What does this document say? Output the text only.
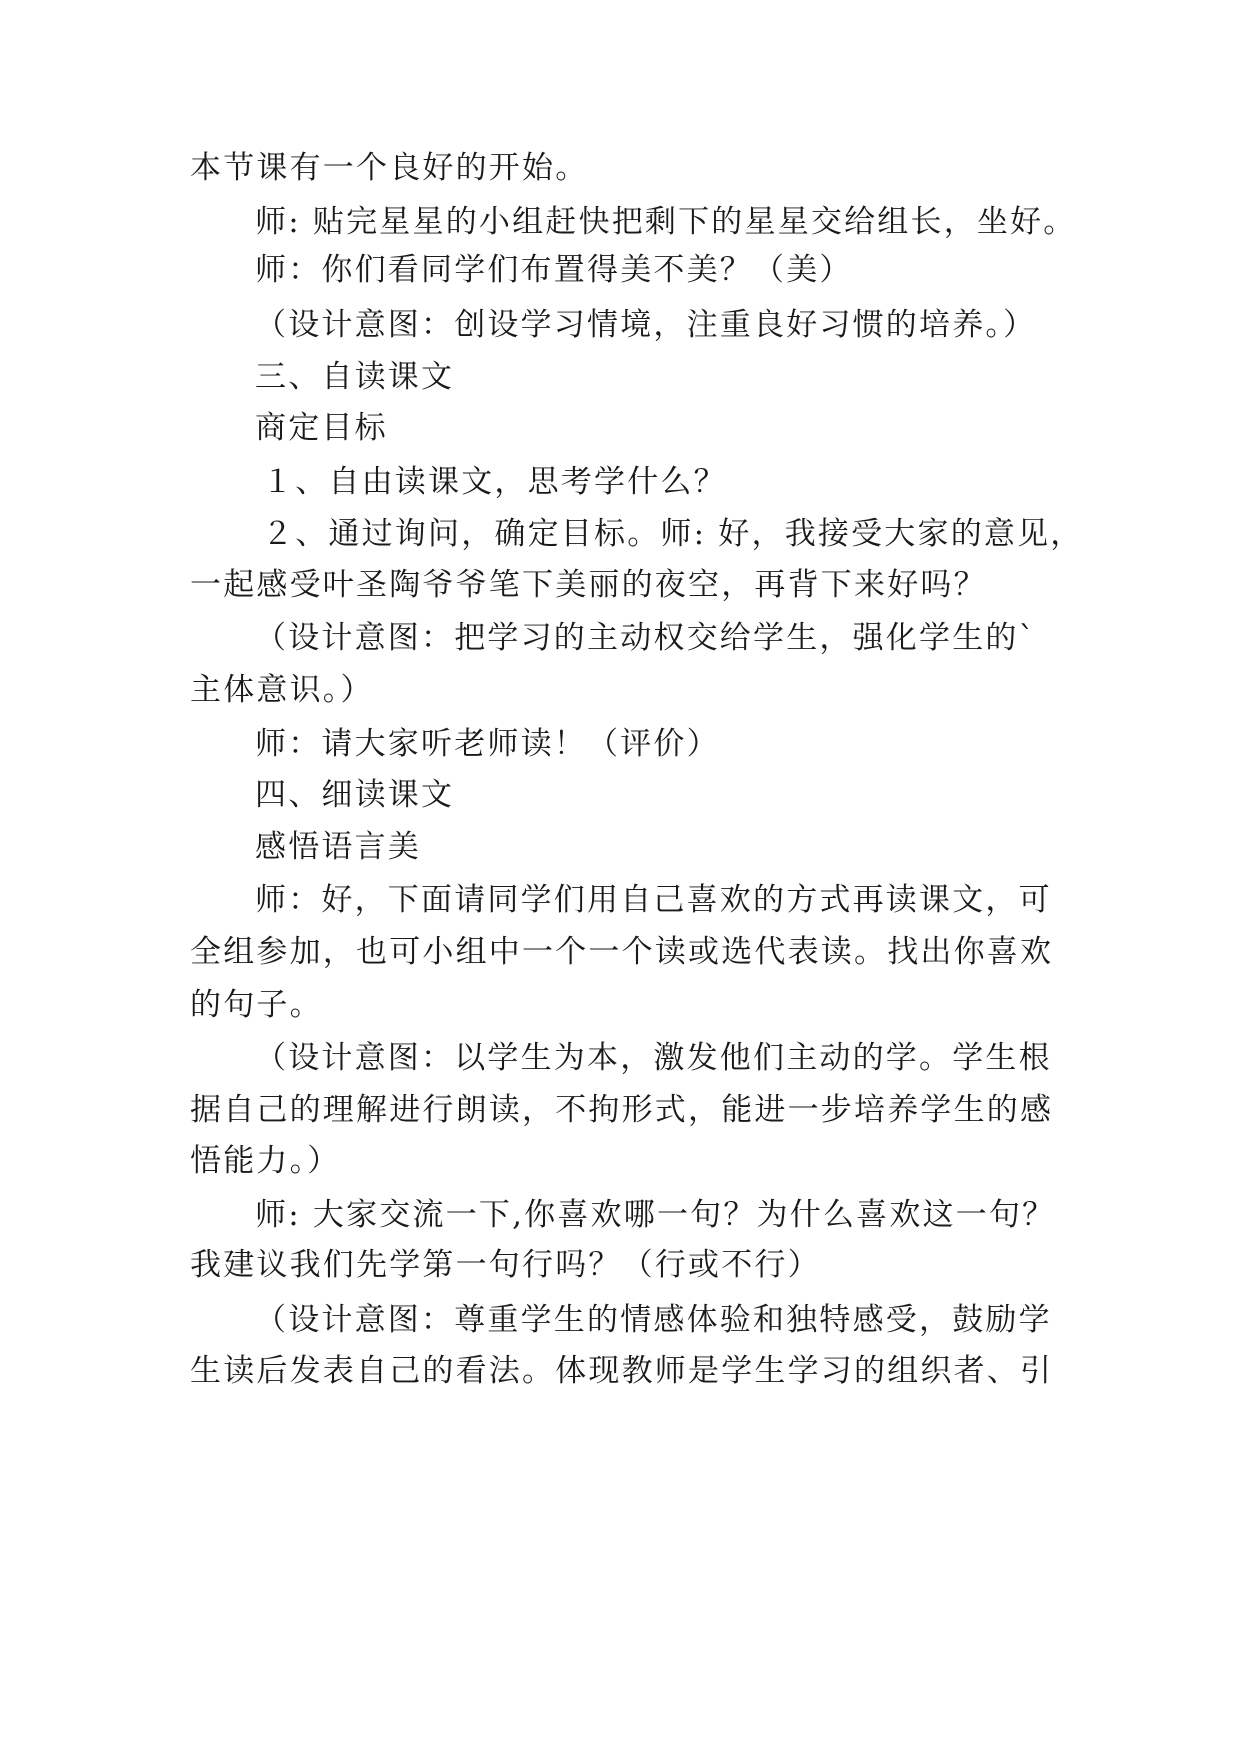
本节课有一个良好的开始。
师: 贴完星星的小组赶快把剩下的星星交给组长，坐好。
师：你们看同学们布置得美不美？（美）
（设计意图：创设学习情境，注重良好习惯的培养。）
三、自读课文
商定目标
１、自由读课文，思考学什么？
２、通过询问，确定目标。师: 好，我接受大家的意见，
一起感受叶圣陶爷爷笔下美丽的夜空，再背下来好吗？
（设计意图：把学习的主动权交给学生，强化学生的`
主体意识。）
师：请大家听老师读！（评价）
四、细读课文
感悟语言美
师：好，下面请同学们用自己喜欢的方式再读课文，可
全组参加，也可小组中一个一个读或选代表读。找出你喜欢
的句子。
（设计意图：以学生为本，激发他们主动的学。学生根
据自己的理解进行朗读，不拘形式，能进一步培养学生的感
悟能力。）
师: 大家交流一下,你喜欢哪一句？为什么喜欢这一句？
我建议我们先学第一句行吗？（行或不行）
（设计意图：尊重学生的情感体验和独特感受，鼓励学
生读后发表自己的看法。体现教师是学生学习的组织者、引
